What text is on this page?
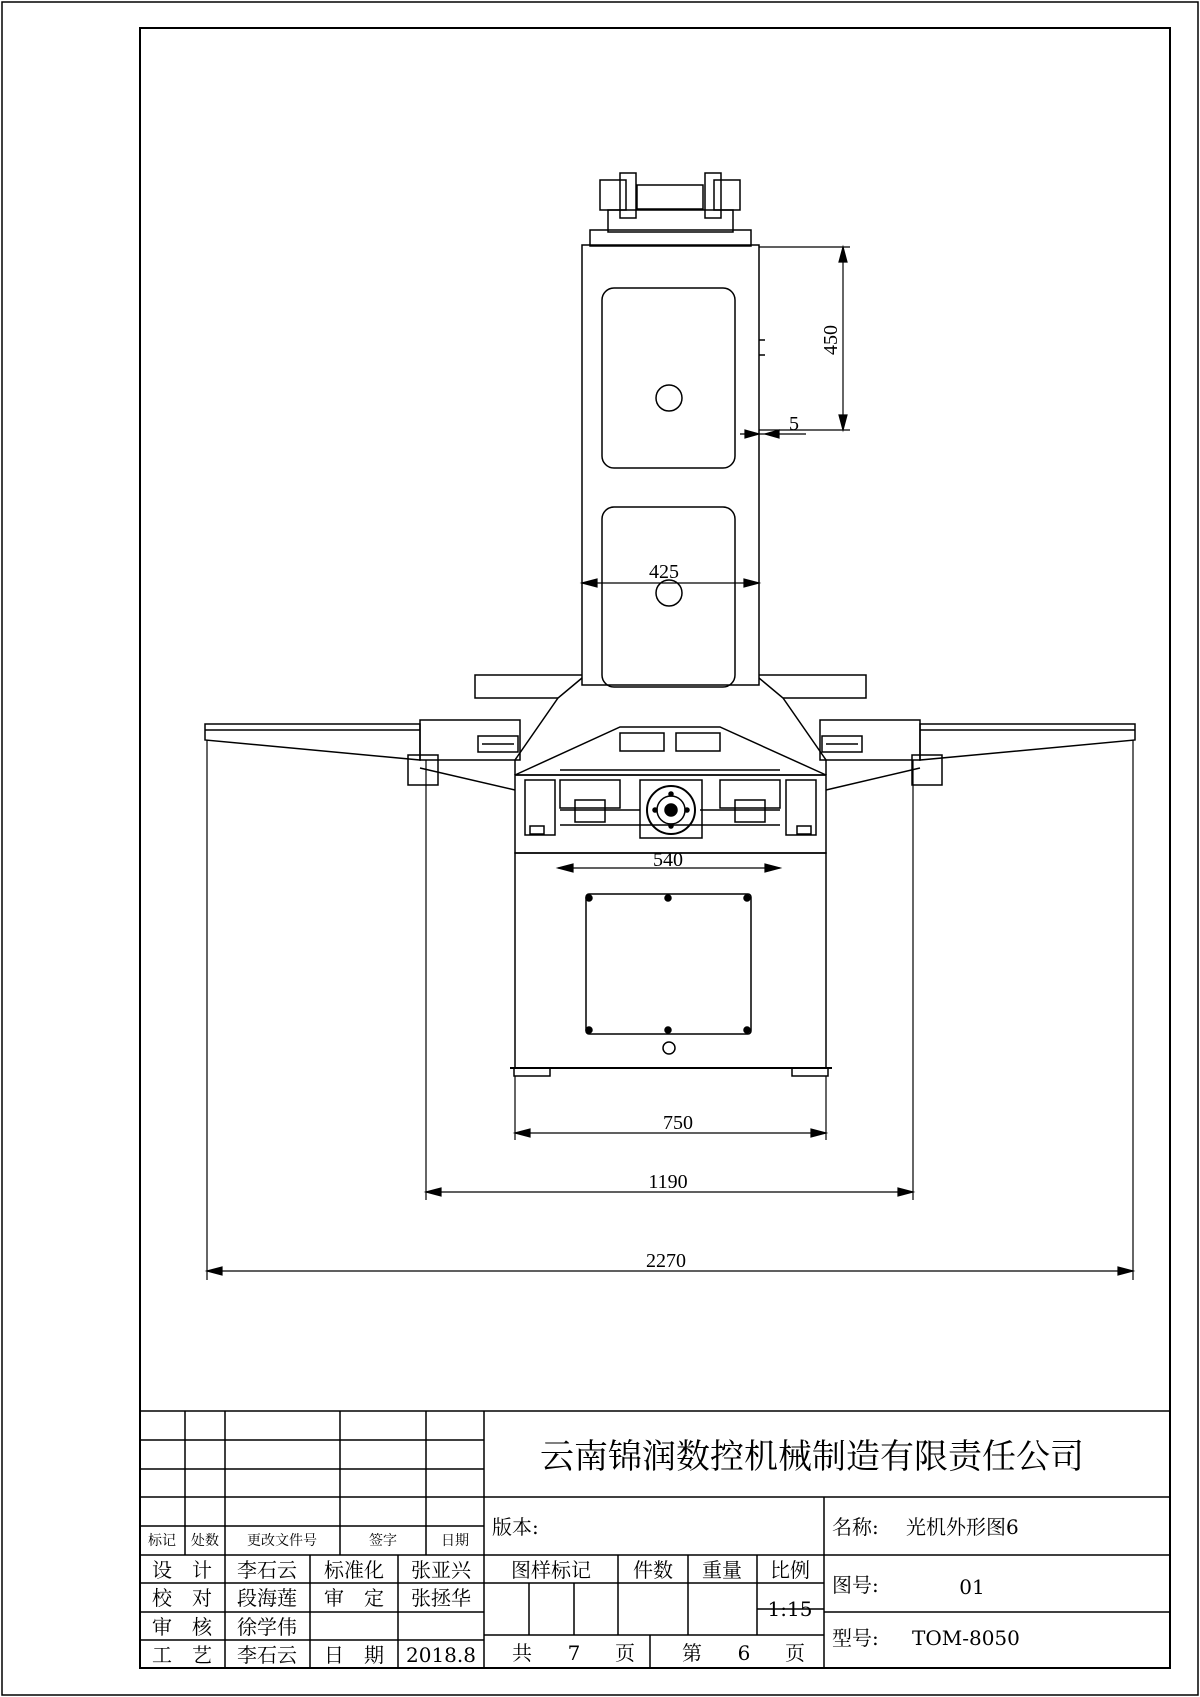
450
5
425
540
750
1190
2270
云南锦润数控机械制造有限责任公司
版本:	名称: 光机外形图6
图号:	01
型号: TOM-8050
标记 处数 更改文件号	签字	日期
设　计 李石云 标准化 张亚兴
校　对 段海莲 审　定 张拯华
审　核 徐学伟
工　艺 李石云 日　期 2018.8
图样标记 件数 重量 比例
1:15
共 7 页 第 6 页
